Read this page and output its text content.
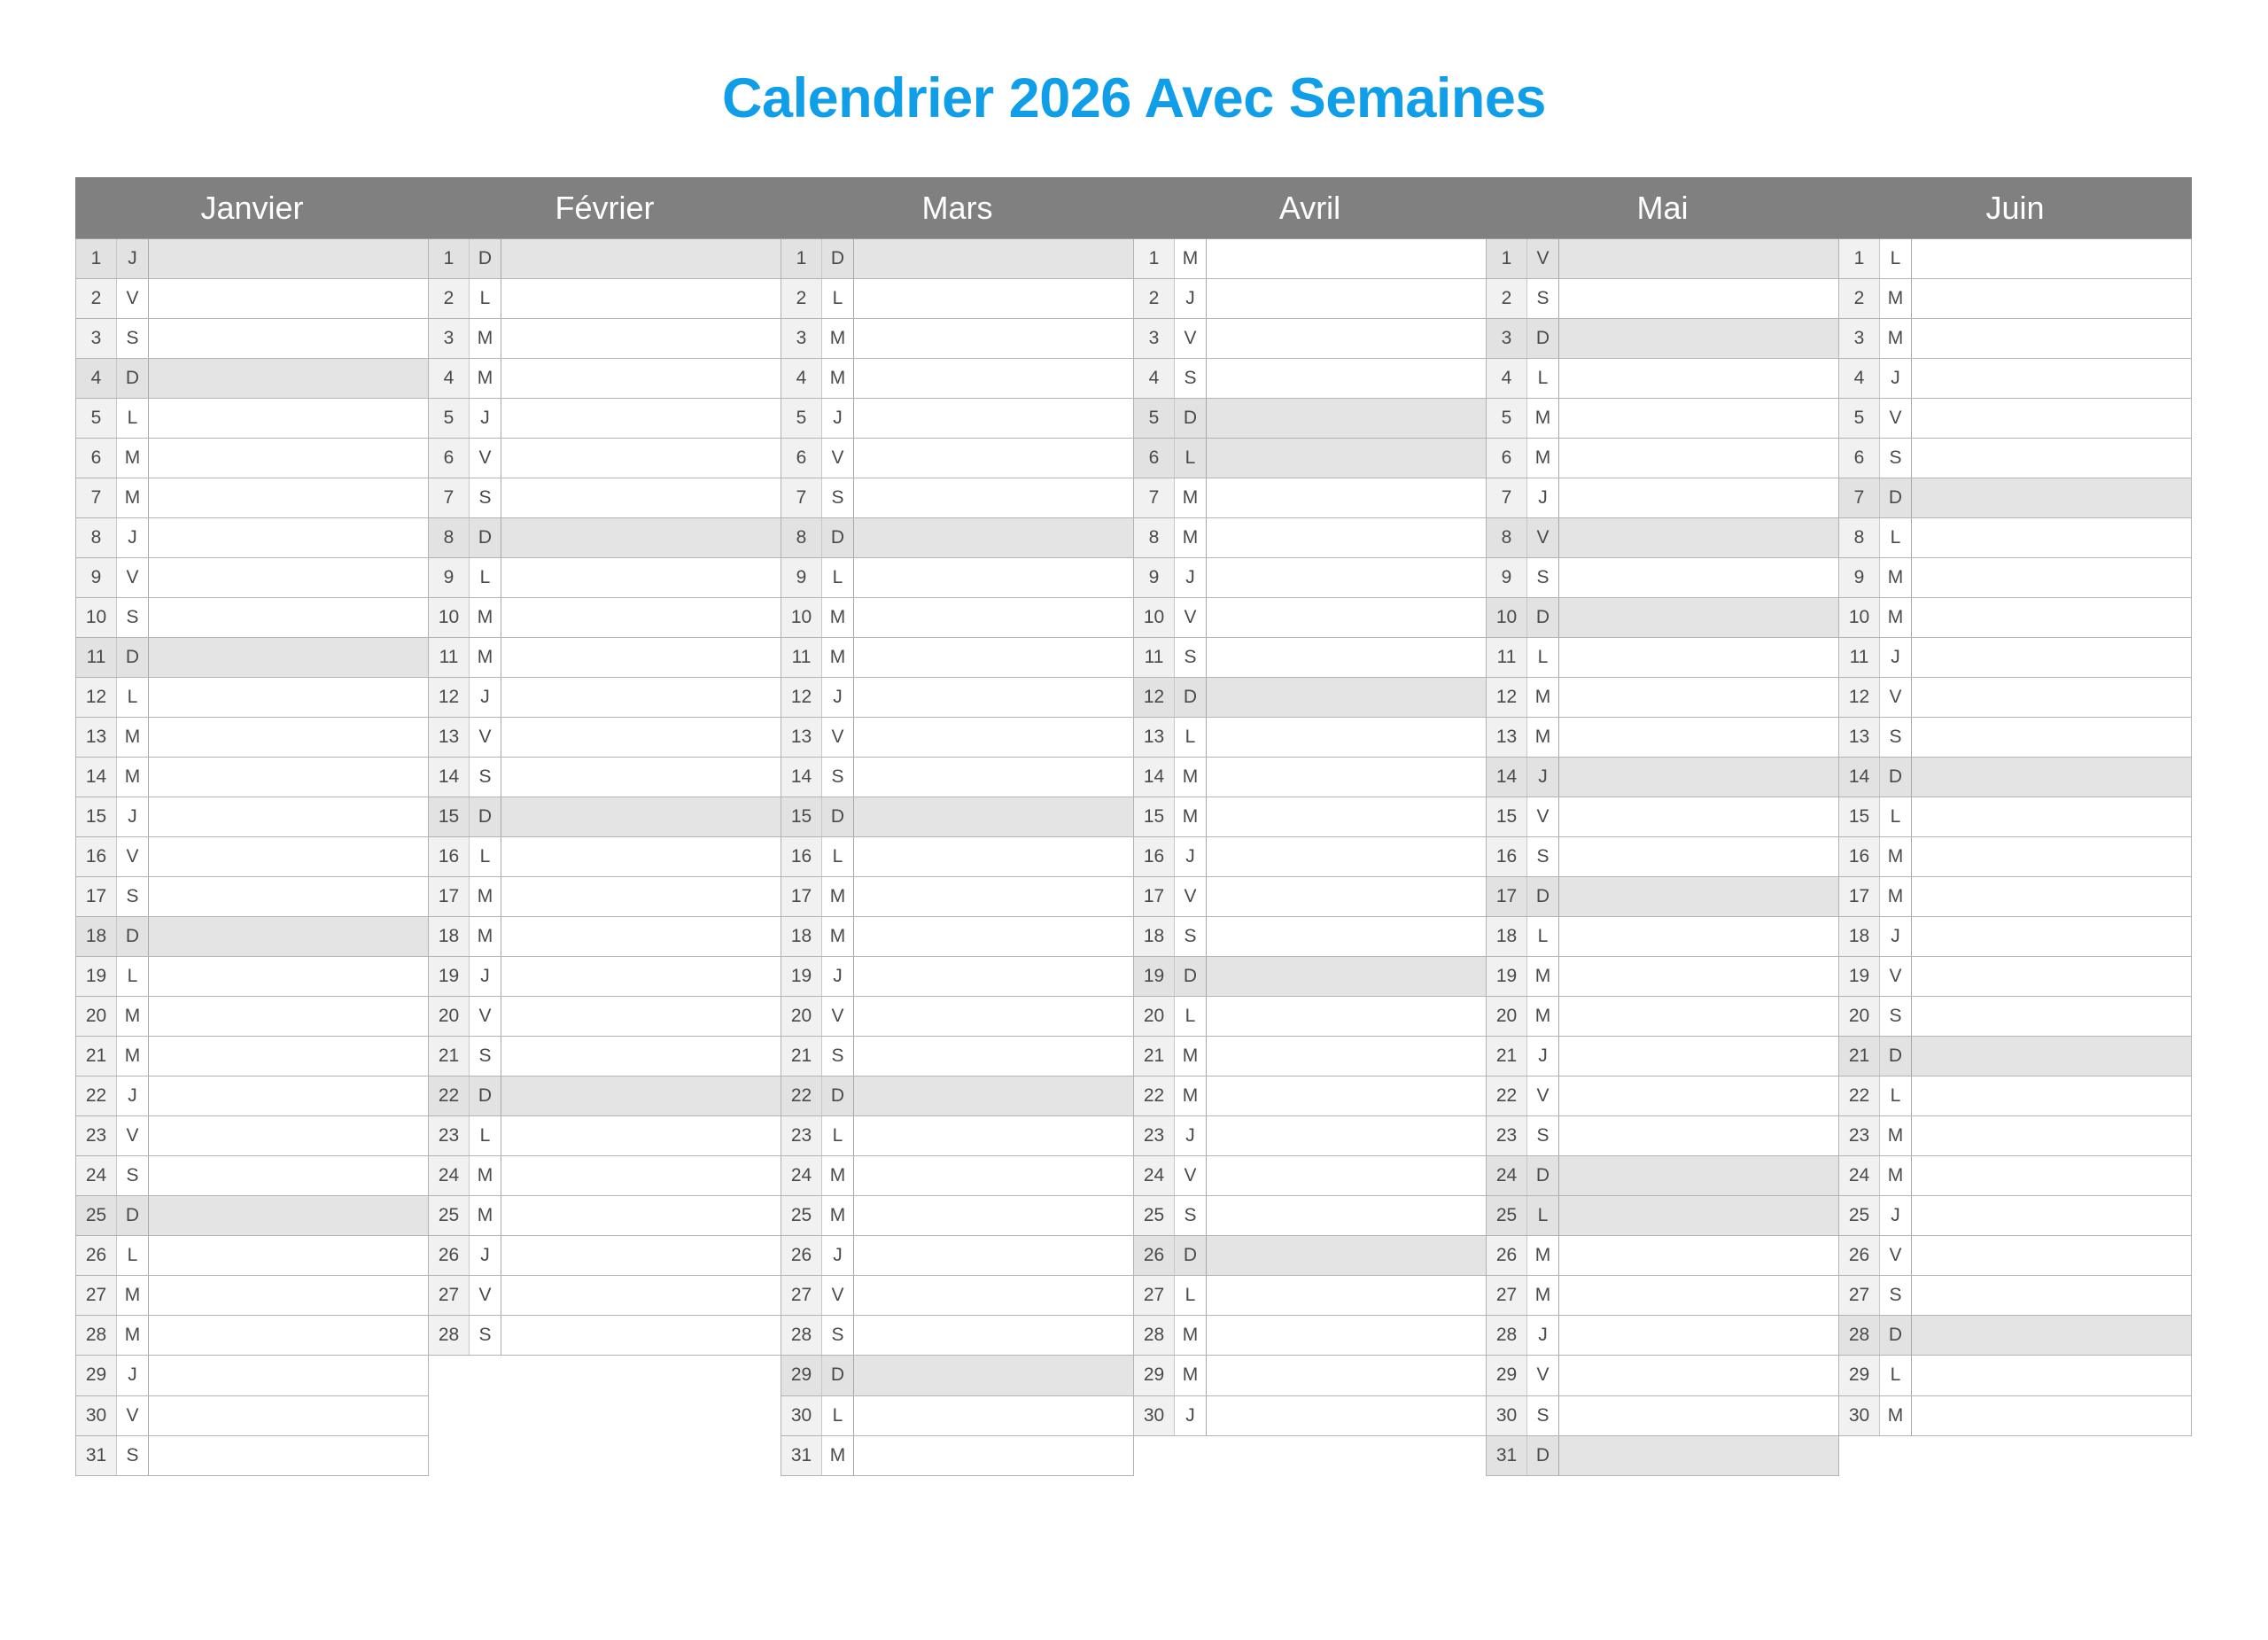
Calendrier 2026 Avec Semaines
Janvier			Février			Mars			Avril			Mai			Juin		
1	J		1	D		1	D		1	M		1	V		1	L	
2	V		2	L		2	L		2	J		2	S		2	M	
3	S		3	M		3	M		3	V		3	D		3	M	
4	D		4	M		4	M		4	S		4	L		4	J	
5	L		5	J		5	J		5	D		5	M		5	V	
6	M		6	V		6	V		6	L		6	M		6	S	
7	M		7	S		7	S		7	M		7	J		7	D	
8	J		8	D		8	D		8	M		8	V		8	L	
9	V		9	L		9	L		9	J		9	S		9	M	
10	S		10	M		10	M		10	V		10	D		10	M	
11	D		11	M		11	M		11	S		11	L		11	J	
12	L		12	J		12	J		12	D		12	M		12	V	
13	M		13	V		13	V		13	L		13	M		13	S	
14	M		14	S		14	S		14	M		14	J		14	D	
15	J		15	D		15	D		15	M		15	V		15	L	
16	V		16	L		16	L		16	J		16	S		16	M	
17	S		17	M		17	M		17	V		17	D		17	M	
18	D		18	M		18	M		18	S		18	L		18	J	
19	L		19	J		19	J		19	D		19	M		19	V	
20	M		20	V		20	V		20	L		20	M		20	S	
21	M		21	S		21	S		21	M		21	J		21	D	
22	J		22	D		22	D		22	M		22	V		22	L	
23	V		23	L		23	L		23	J		23	S		23	M	
24	S		24	M		24	M		24	V		24	D		24	M	
25	D		25	M		25	M		25	S		25	L		25	J	
26	L		26	J		26	J		26	D		26	M		26	V	
27	M		27	V		27	V		27	L		27	M		27	S	
28	M		28	S		28	S		28	M		28	J		28	D	
29	J					29	D		29	M		29	V		29	L	
30	V					30	L		30	J		30	S		30	M	
31	S					31	M					31	D				
